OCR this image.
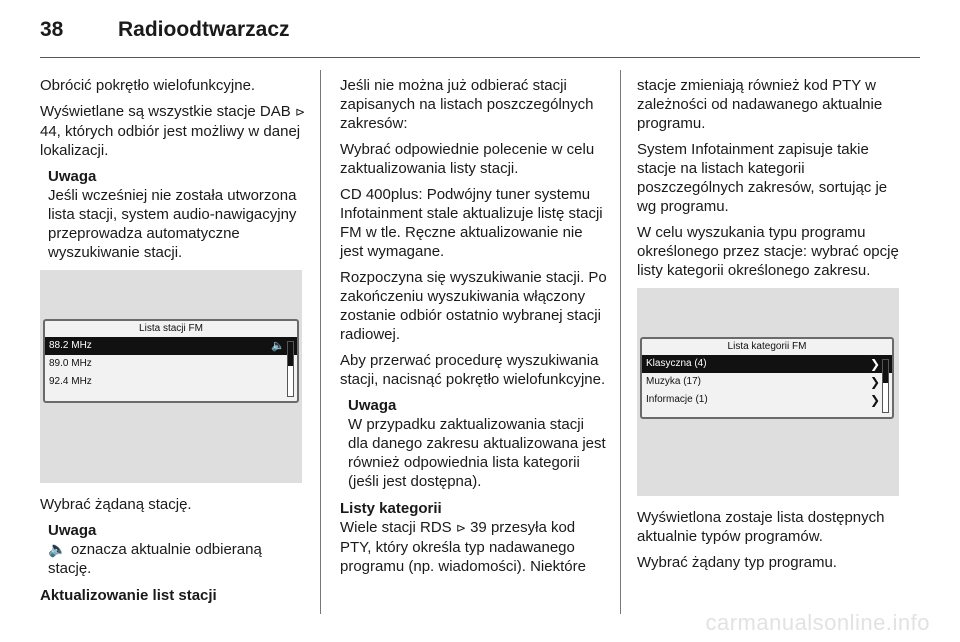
38	Radioodtwarzacz

Obrócić pokrętło wielofunkcyjne.

Wyświetlane są wszystkie stacje DAB ⊳ 44, których odbiór jest możliwy w danej lokalizacji.

Uwaga
Jeśli wcześniej nie została utworzona lista stacji, system audio-nawigacyjny przeprowadza automatyczne wyszukiwanie stacji.
Lista stacji FM
88.2 MHz	🔈
89.0 MHz
92.4 MHz

Wybrać żądaną stację.

Uwaga
🔈 oznacza aktualnie odbieraną stację.

Aktualizowanie list stacji

Jeśli nie można już odbierać stacji zapisanych na listach poszczególnych zakresów:

Wybrać odpowiednie polecenie w celu zaktualizowania listy stacji.

CD 400plus: Podwójny tuner systemu Infotainment stale aktualizuje listę stacji FM w tle. Ręczne aktualizowanie nie jest wymagane.

Rozpoczyna się wyszukiwanie stacji. Po zakończeniu wyszukiwania włączony zostanie odbiór ostatnio wybranej stacji radiowej.

Aby przerwać procedurę wyszukiwania stacji, nacisnąć pokrętło wielofunkcyjne.

Uwaga
W przypadku zaktualizowania stacji dla danego zakresu aktualizowana jest również odpowiednia lista kategorii (jeśli jest dostępna).

Listy kategorii
Wiele stacji RDS ⊳ 39 przesyła kod PTY, który określa typ nadawanego programu (np. wiadomości). Niektóre

stacje zmieniają również kod PTY w zależności od nadawanego aktualnie programu.

System Infotainment zapisuje takie stacje na listach kategorii poszczególnych zakresów, sortując je wg programu.

W celu wyszukania typu programu określonego przez stacje: wybrać opcję listy kategorii określonego zakresu.

Lista kategorii FM
Klasyczna (4)	❯
Muzyka (17)	❯
Informacje (1)	❯

Wyświetlona zostaje lista dostępnych aktualnie typów programów.

Wybrać żądany typ programu.

carmanualsonline.info
